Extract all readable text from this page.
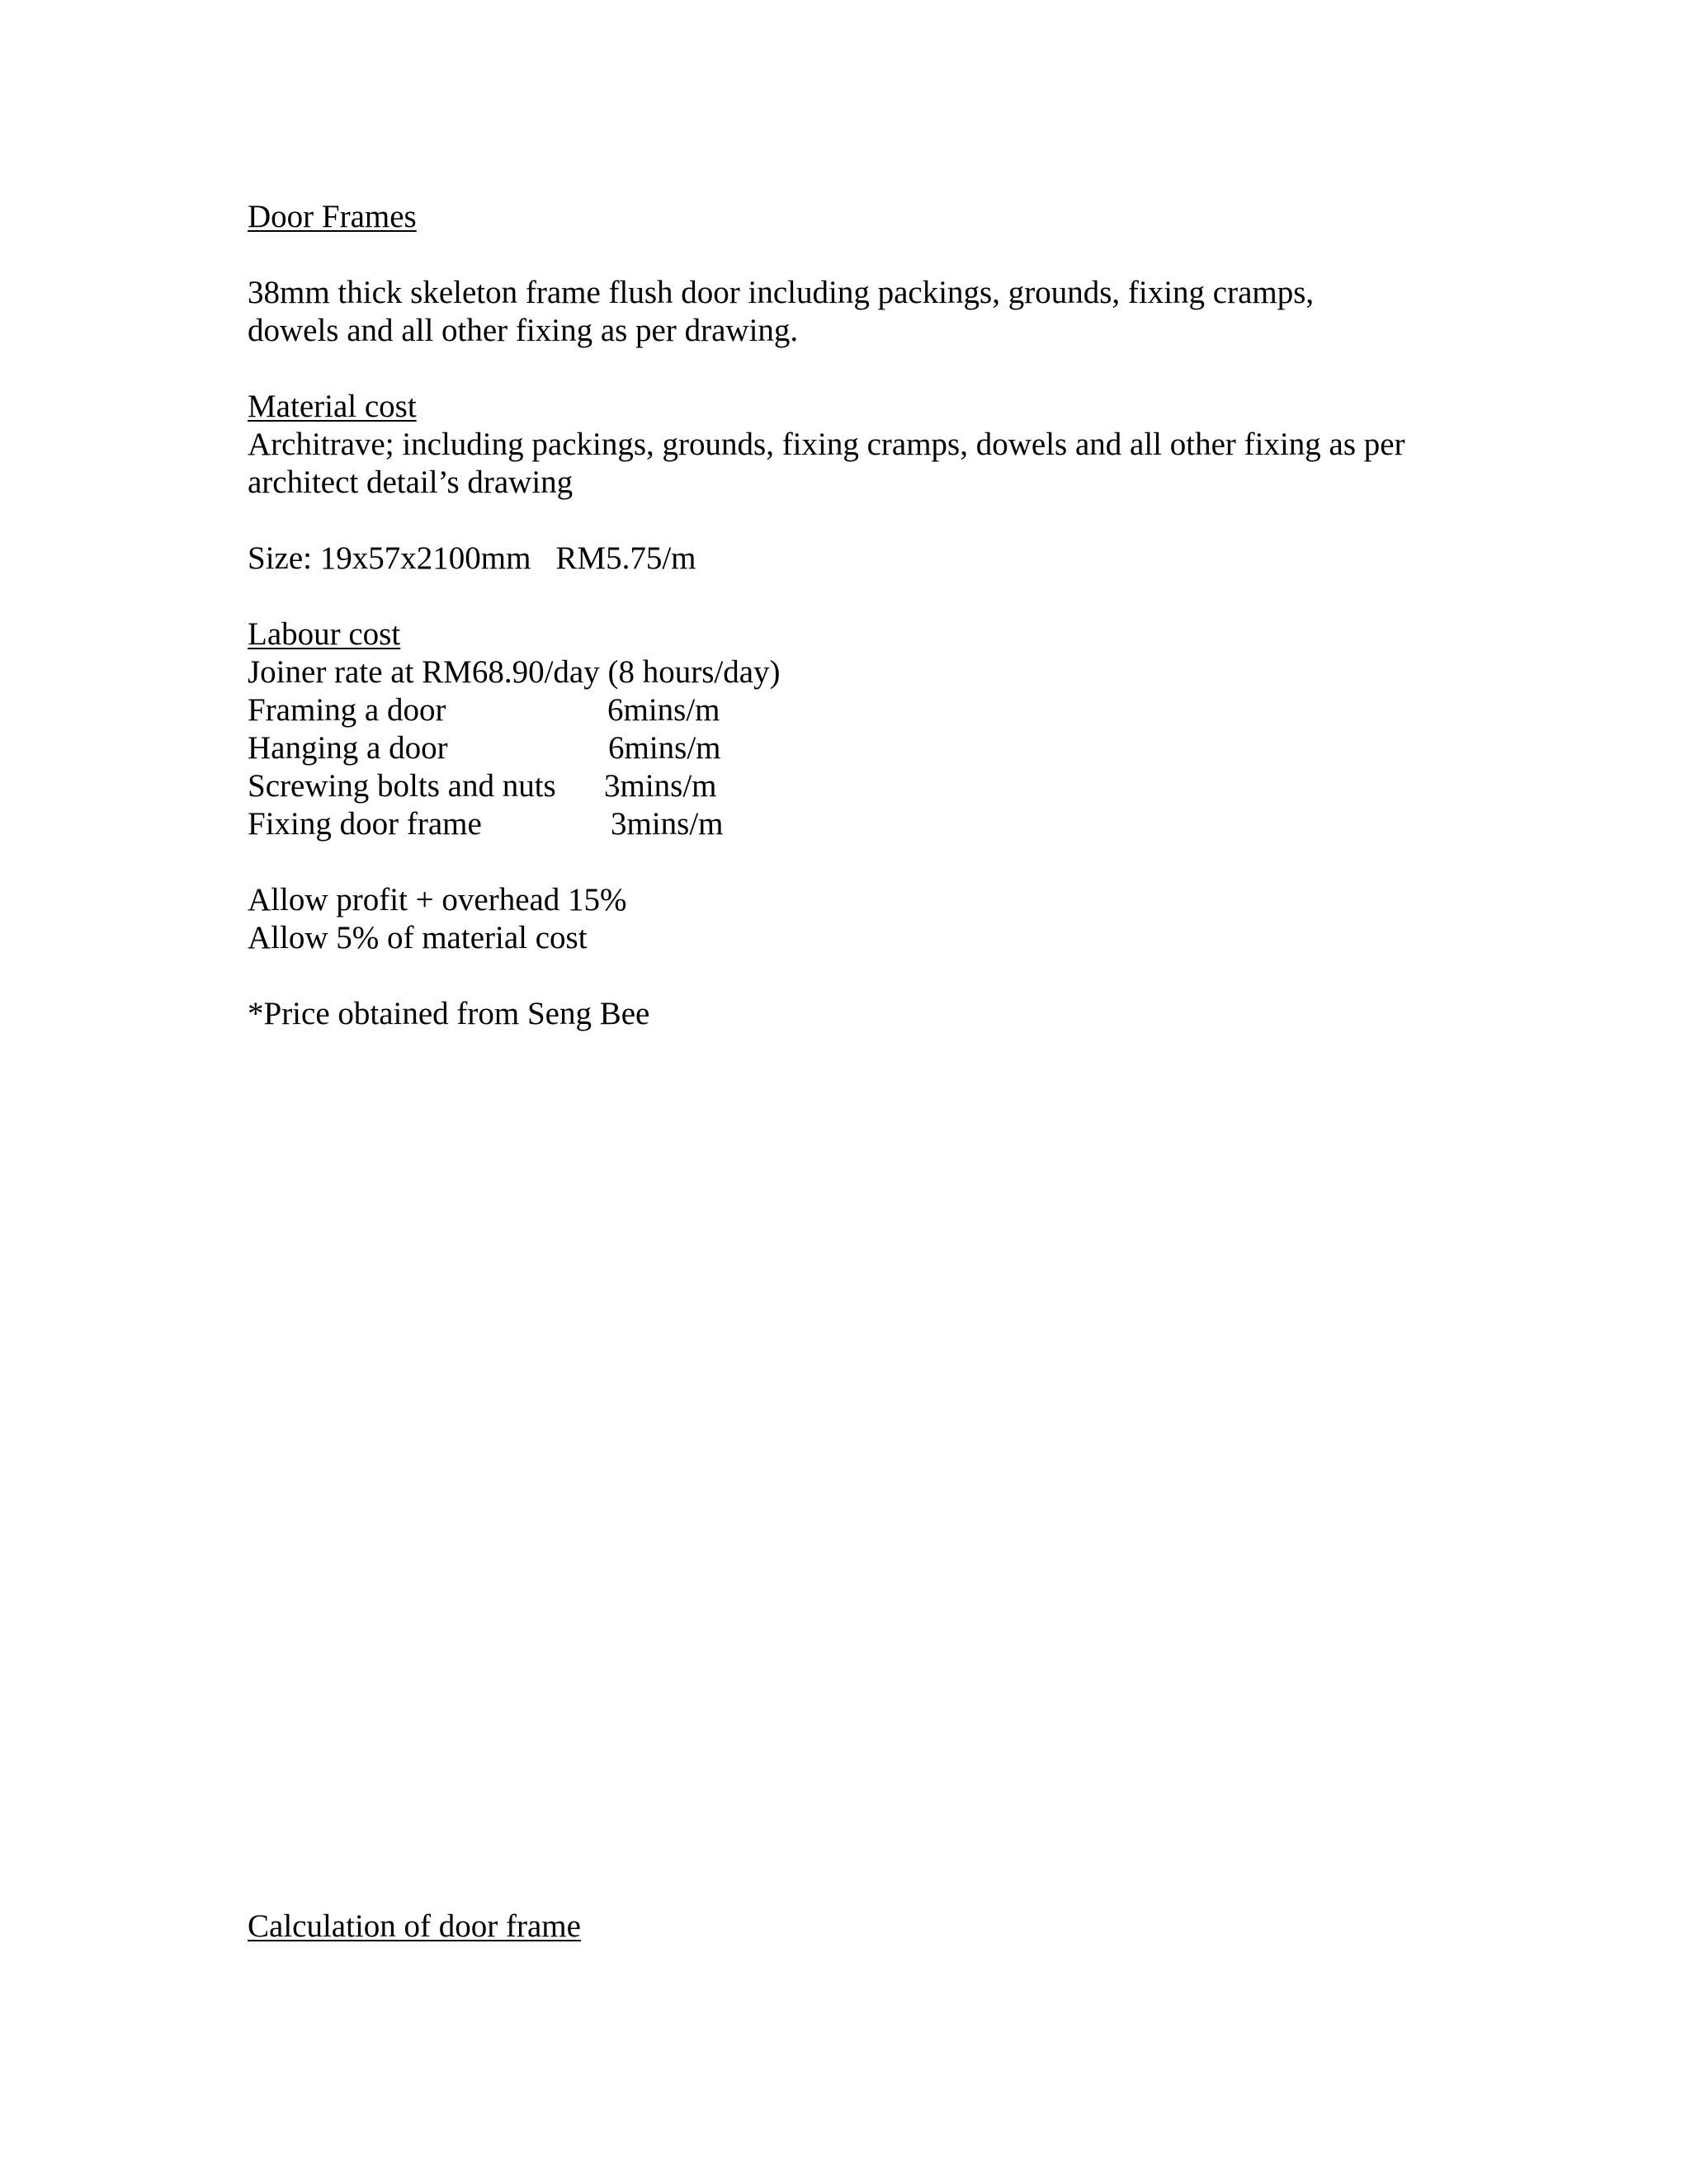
Door Frames

38mm thick skeleton frame flush door including packings, grounds, fixing cramps,

dowels and all other fixing as per drawing.

Material cost

Architrave; including packings, grounds, fixing cramps, dowels and all other fixing as per

architect detail’s drawing

Size: 19x57x2100mm RM5.75/m

Labour cost

Joiner rate at RM68.90/day (8 hours/day)

Framing a door	6mins/m
Hanging a door	6mins/m
Screwing bolts and nuts 3mins/m
Fixing door frame	3mins/m

Allow profit + overhead 15%

Allow 5% of material cost

*Price obtained from Seng Bee

Calculation of door frame
